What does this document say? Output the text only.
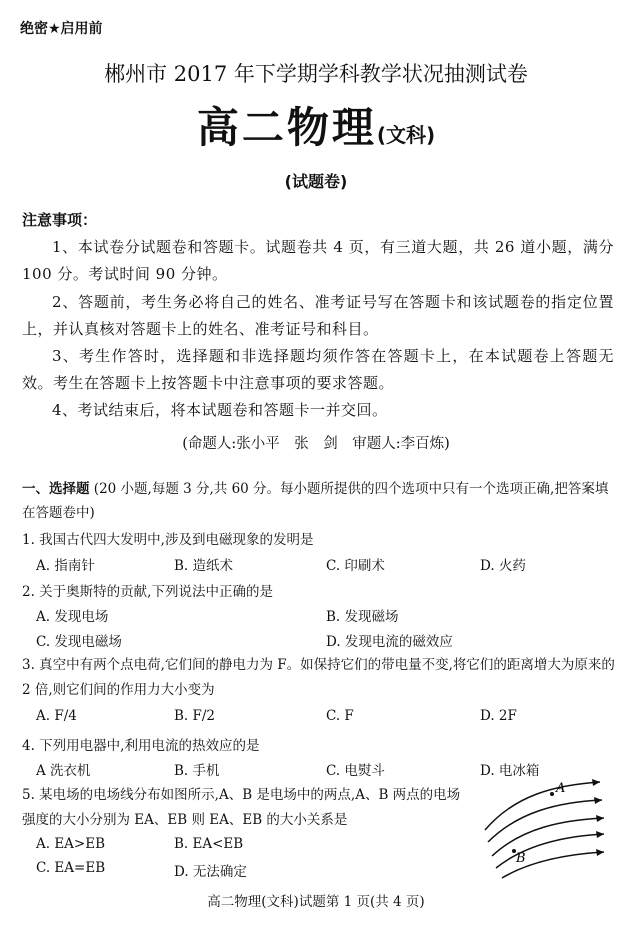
绝密★启用前
郴州市 2017 年下学期学科教学状况抽测试卷
高二物理(文科)
(试题卷)
注意事项：
1、本试卷分试题卷和答题卡。试题卷共 4 页，有三道大题，共 26 道小题，满分 100 分。考试时间 90 分钟。
2、答题前，考生务必将自己的姓名、准考证号写在答题卡和该试题卷的指定位置上，并认真核对答题卡上的姓名、准考证号和科目。
3、考生作答时，选择题和非选择题均须作答在答题卡上，在本试题卷上答题无效。考生在答题卡上按答题卡中注意事项的要求答题。
4、考试结束后，将本试题卷和答题卡一并交回。
(命题人:张小平　张　剑　审题人:李百炼)
一、选择题 (20 小题,每题 3 分,共 60 分。每小题所提供的四个选项中只有一个选项正确,把答案填在答题卷中)
1. 我国古代四大发明中,涉及到电磁现象的发明是
A. 指南针	B. 造纸术	C. 印刷术	D. 火药
2. 关于奥斯特的贡献,下列说法中正确的是
A. 发现电场	B. 发现磁场
C. 发现电磁场	D. 发现电流的磁效应
3. 真空中有两个点电荷,它们间的静电力为 F。如保持它们的带电量不变,将它们的距离增大为原来的 2 倍,则它们间的作用力大小变为
A. F/4	B. F/2	C. F	D. 2F
4. 下列用电器中,利用电流的热效应的是
A 洗衣机	B. 手机	C. 电熨斗	D. 电冰箱
5. 某电场的电场线分布如图所示,A、B 是电场中的两点,A、B 两点的电场强度的大小分别为 EA、EB 则 EA、EB 的大小关系是
A. EA>EB	B. EA<EB
C. EA=EB	D. 无法确定
A
B
高二物理(文科)试题第 1 页(共 4 页)
